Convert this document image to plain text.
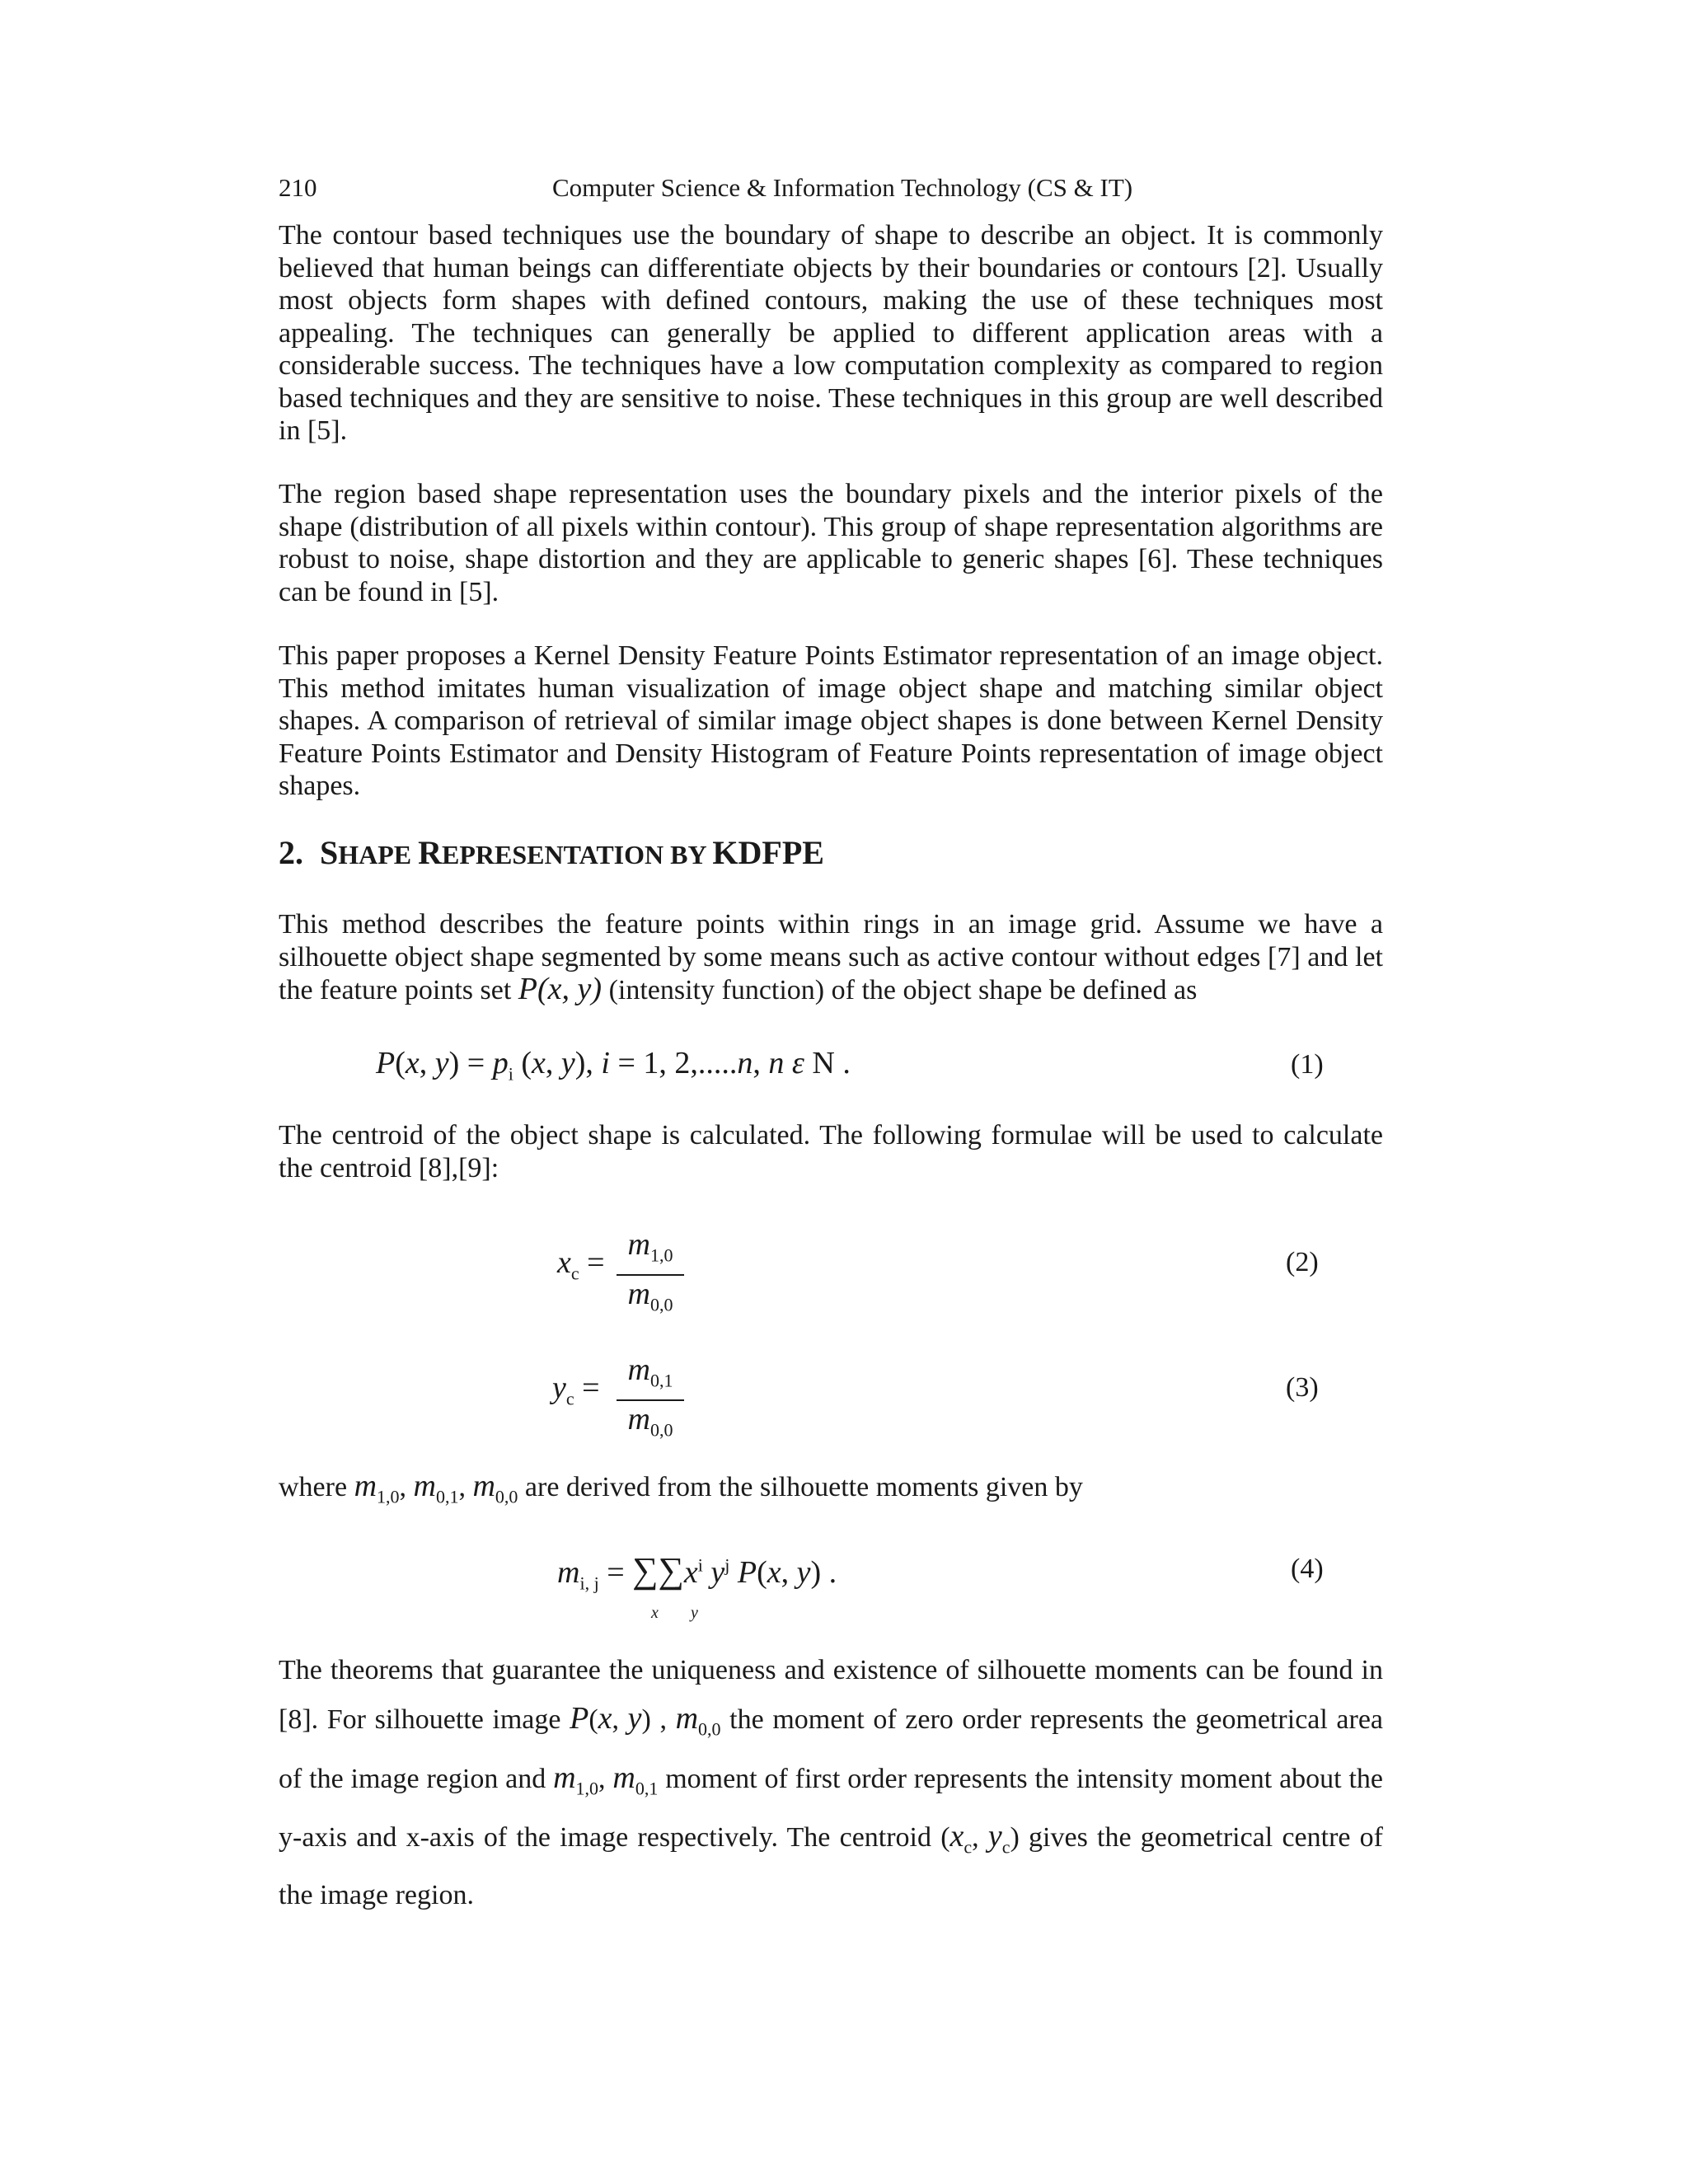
210	Computer Science & Information Technology (CS & IT)

The contour based techniques use the boundary of shape to describe an object. It is commonly believed that human beings can differentiate objects by their boundaries or contours [2]. Usually most objects form shapes with defined contours, making the use of these techniques most appealing. The techniques can generally be applied to different application areas with a considerable success. The techniques have a low computation complexity as compared to region based techniques and they are sensitive to noise. These techniques in this group are well described in [5].

The region based shape representation uses the boundary pixels and the interior pixels of the shape (distribution of all pixels within contour). This group of shape representation algorithms are robust to noise, shape distortion and they are applicable to generic shapes [6]. These techniques can be found in [5].

This paper proposes a Kernel Density Feature Points Estimator representation of an image object. This method imitates human visualization of image object shape and matching similar object shapes. A comparison of retrieval of similar image object shapes is done between Kernel Density Feature Points Estimator and Density Histogram of Feature Points representation of image object shapes.

2. SHAPE REPRESENTATION BY KDFPE

This method describes the feature points within rings in an image grid. Assume we have a silhouette object shape segmented by some means such as active contour without edges [7] and let the feature points set P(x, y) (intensity function) of the object shape be defined as

P(x, $y) = p_i$ (x, y), i = 1, 2,.....n, n ε N .	(1)

The centroid of the object shape is calculated. The following formulae will be used to calculate the centroid [8],[9]:

$x_c$ =
$m_{1,0}$
$m_{0,0}$
(2)
$y_c$ =
$m_{0,1}$
$m_{0,0}$
(3)

where $m_{1,0}$, $m_{0,1}$, $m_{0,0}$ are derived from the silhouette moments given by

$m_{i, j} = \sum\sum x^i$ $y^j$ P(x, y) .
x y
(4)

The theorems that guarantee the uniqueness and existence of silhouette moments can be found in [8]. For silhouette image P(x, y) , $m_{0,0}$ the moment of zero order represents the geometrical area of the image region and $m_{1,0}$, $m_{0,1}$ moment of first order represents the intensity moment about the y-axis and x-axis of the image respectively. The centroid ($x_c$, $y_c$) gives the geometrical centre of the image region.
